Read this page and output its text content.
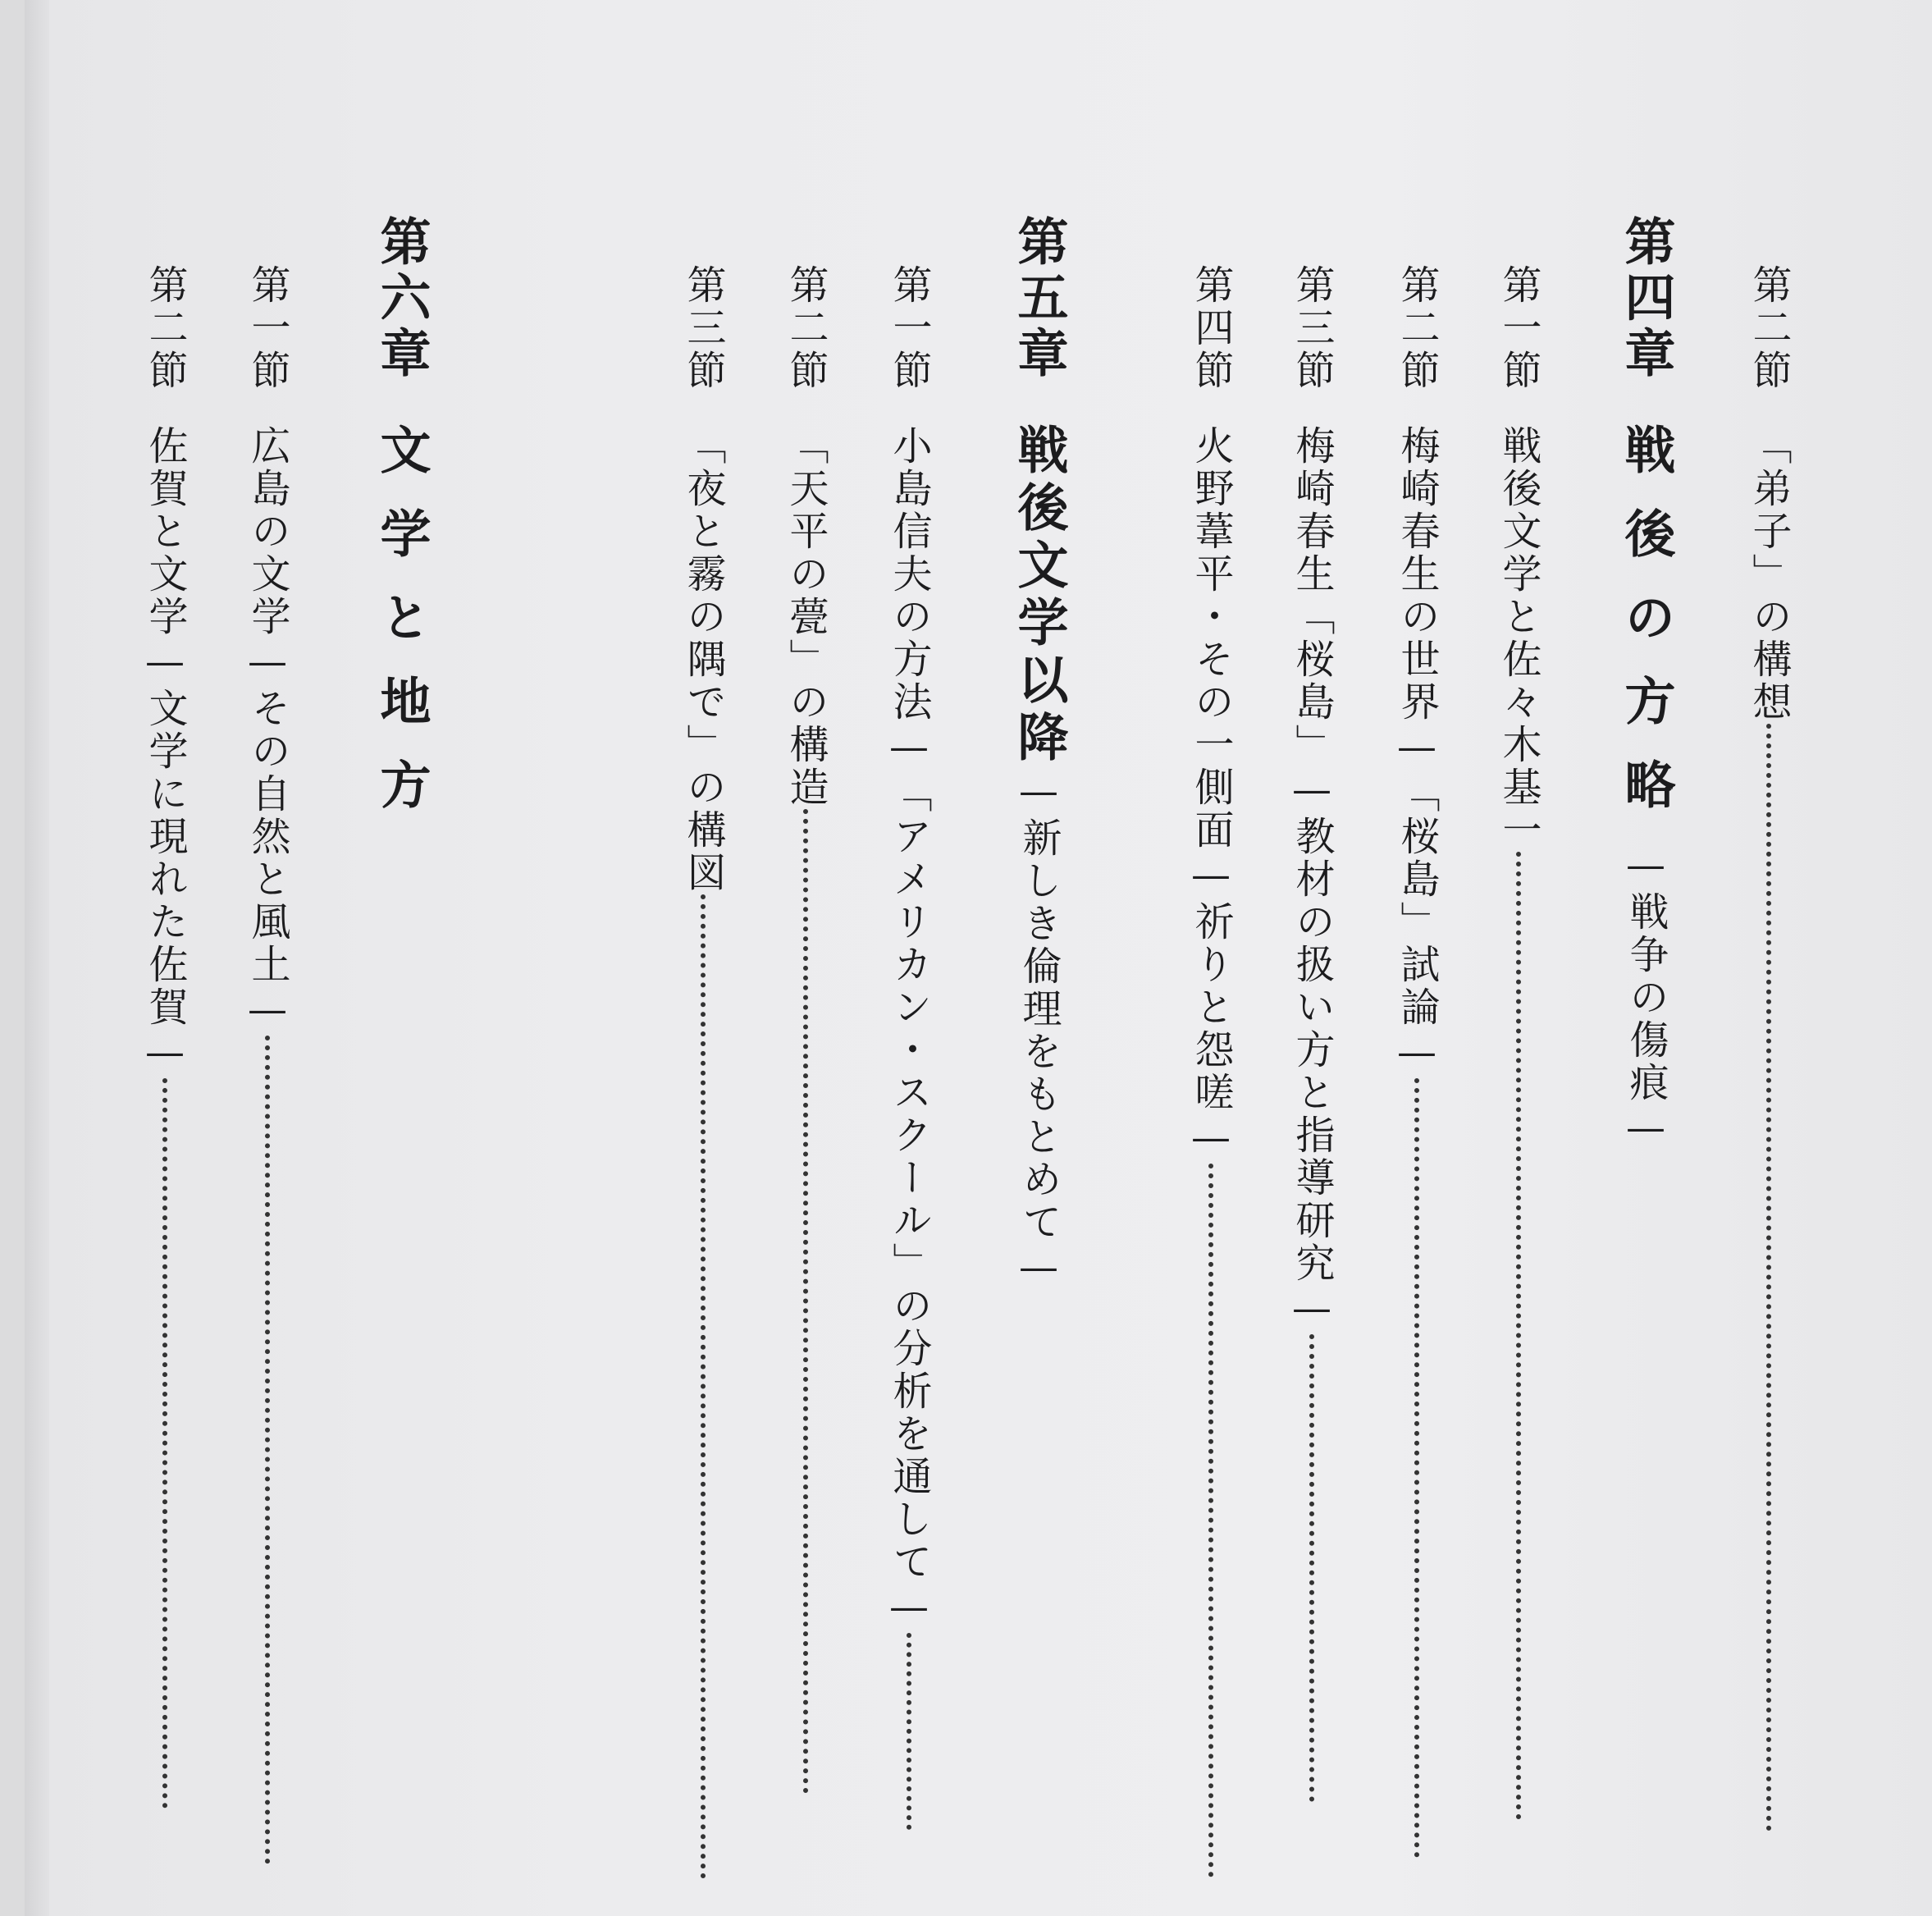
第二節「弟子」の構想
第四章戦後の方略—戦争の傷痕—
第一節戦後文学と佐々木基一
第二節梅崎春生の世界—「桜島」試論—
第三節梅崎春生「桜島」—教材の扱い方と指導研究—
第四節火野葦平・その一側面—祈りと怨嗟—
第五章戦後文学以降—新しき倫理をもとめて—
第一節小島信夫の方法—「アメリカン・スクール」の分析を通して—
第二節「天平の甍」の構造
第三節「夜と霧の隅で」の構図
第六章文学と地方
第一節広島の文学—その自然と風土—
第二節佐賀と文学—文学に現れた佐賀—
